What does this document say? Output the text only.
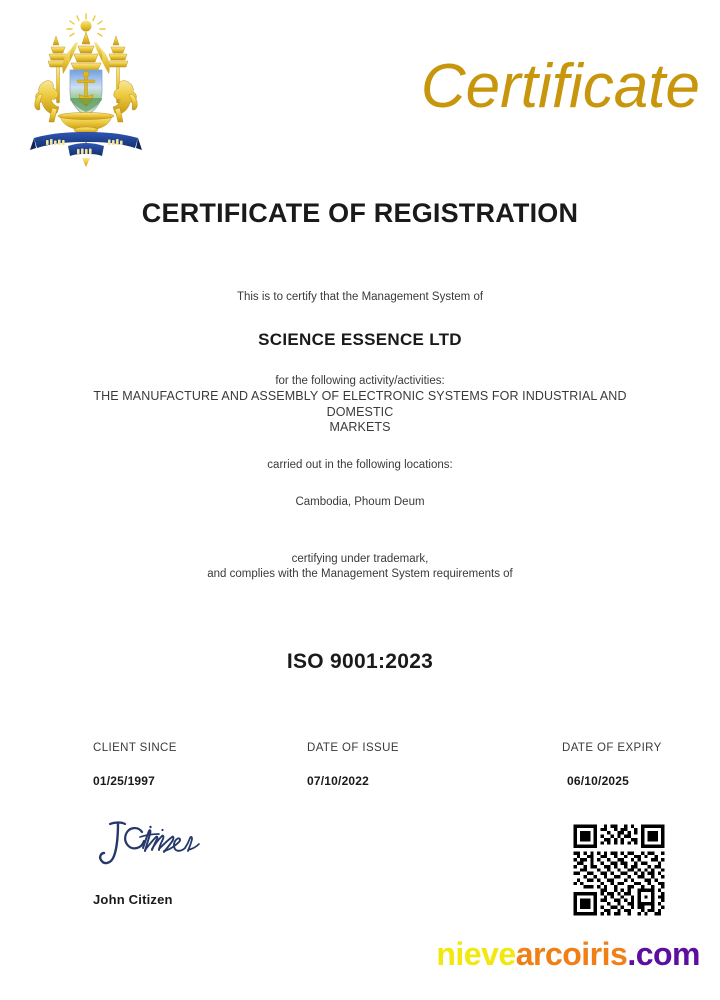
Certificate
CERTIFICATE OF REGISTRATION
This is to certify that the Management System of
SCIENCE ESSENCE LTD
for the following activity/activities:
THE MANUFACTURE AND ASSEMBLY OF ELECTRONIC SYSTEMS FOR INDUSTRIAL AND
DOMESTIC
MARKETS
carried out in the following locations:
Cambodia, Phoum Deum
certifying under trademark,
and complies with the Management System requirements of
ISO 9001:2023
CLIENT SINCE
01/25/1997
DATE OF ISSUE
07/10/2022
DATE OF EXPIRY
06/10/2025
John Citizen
nievearcoiris.com
